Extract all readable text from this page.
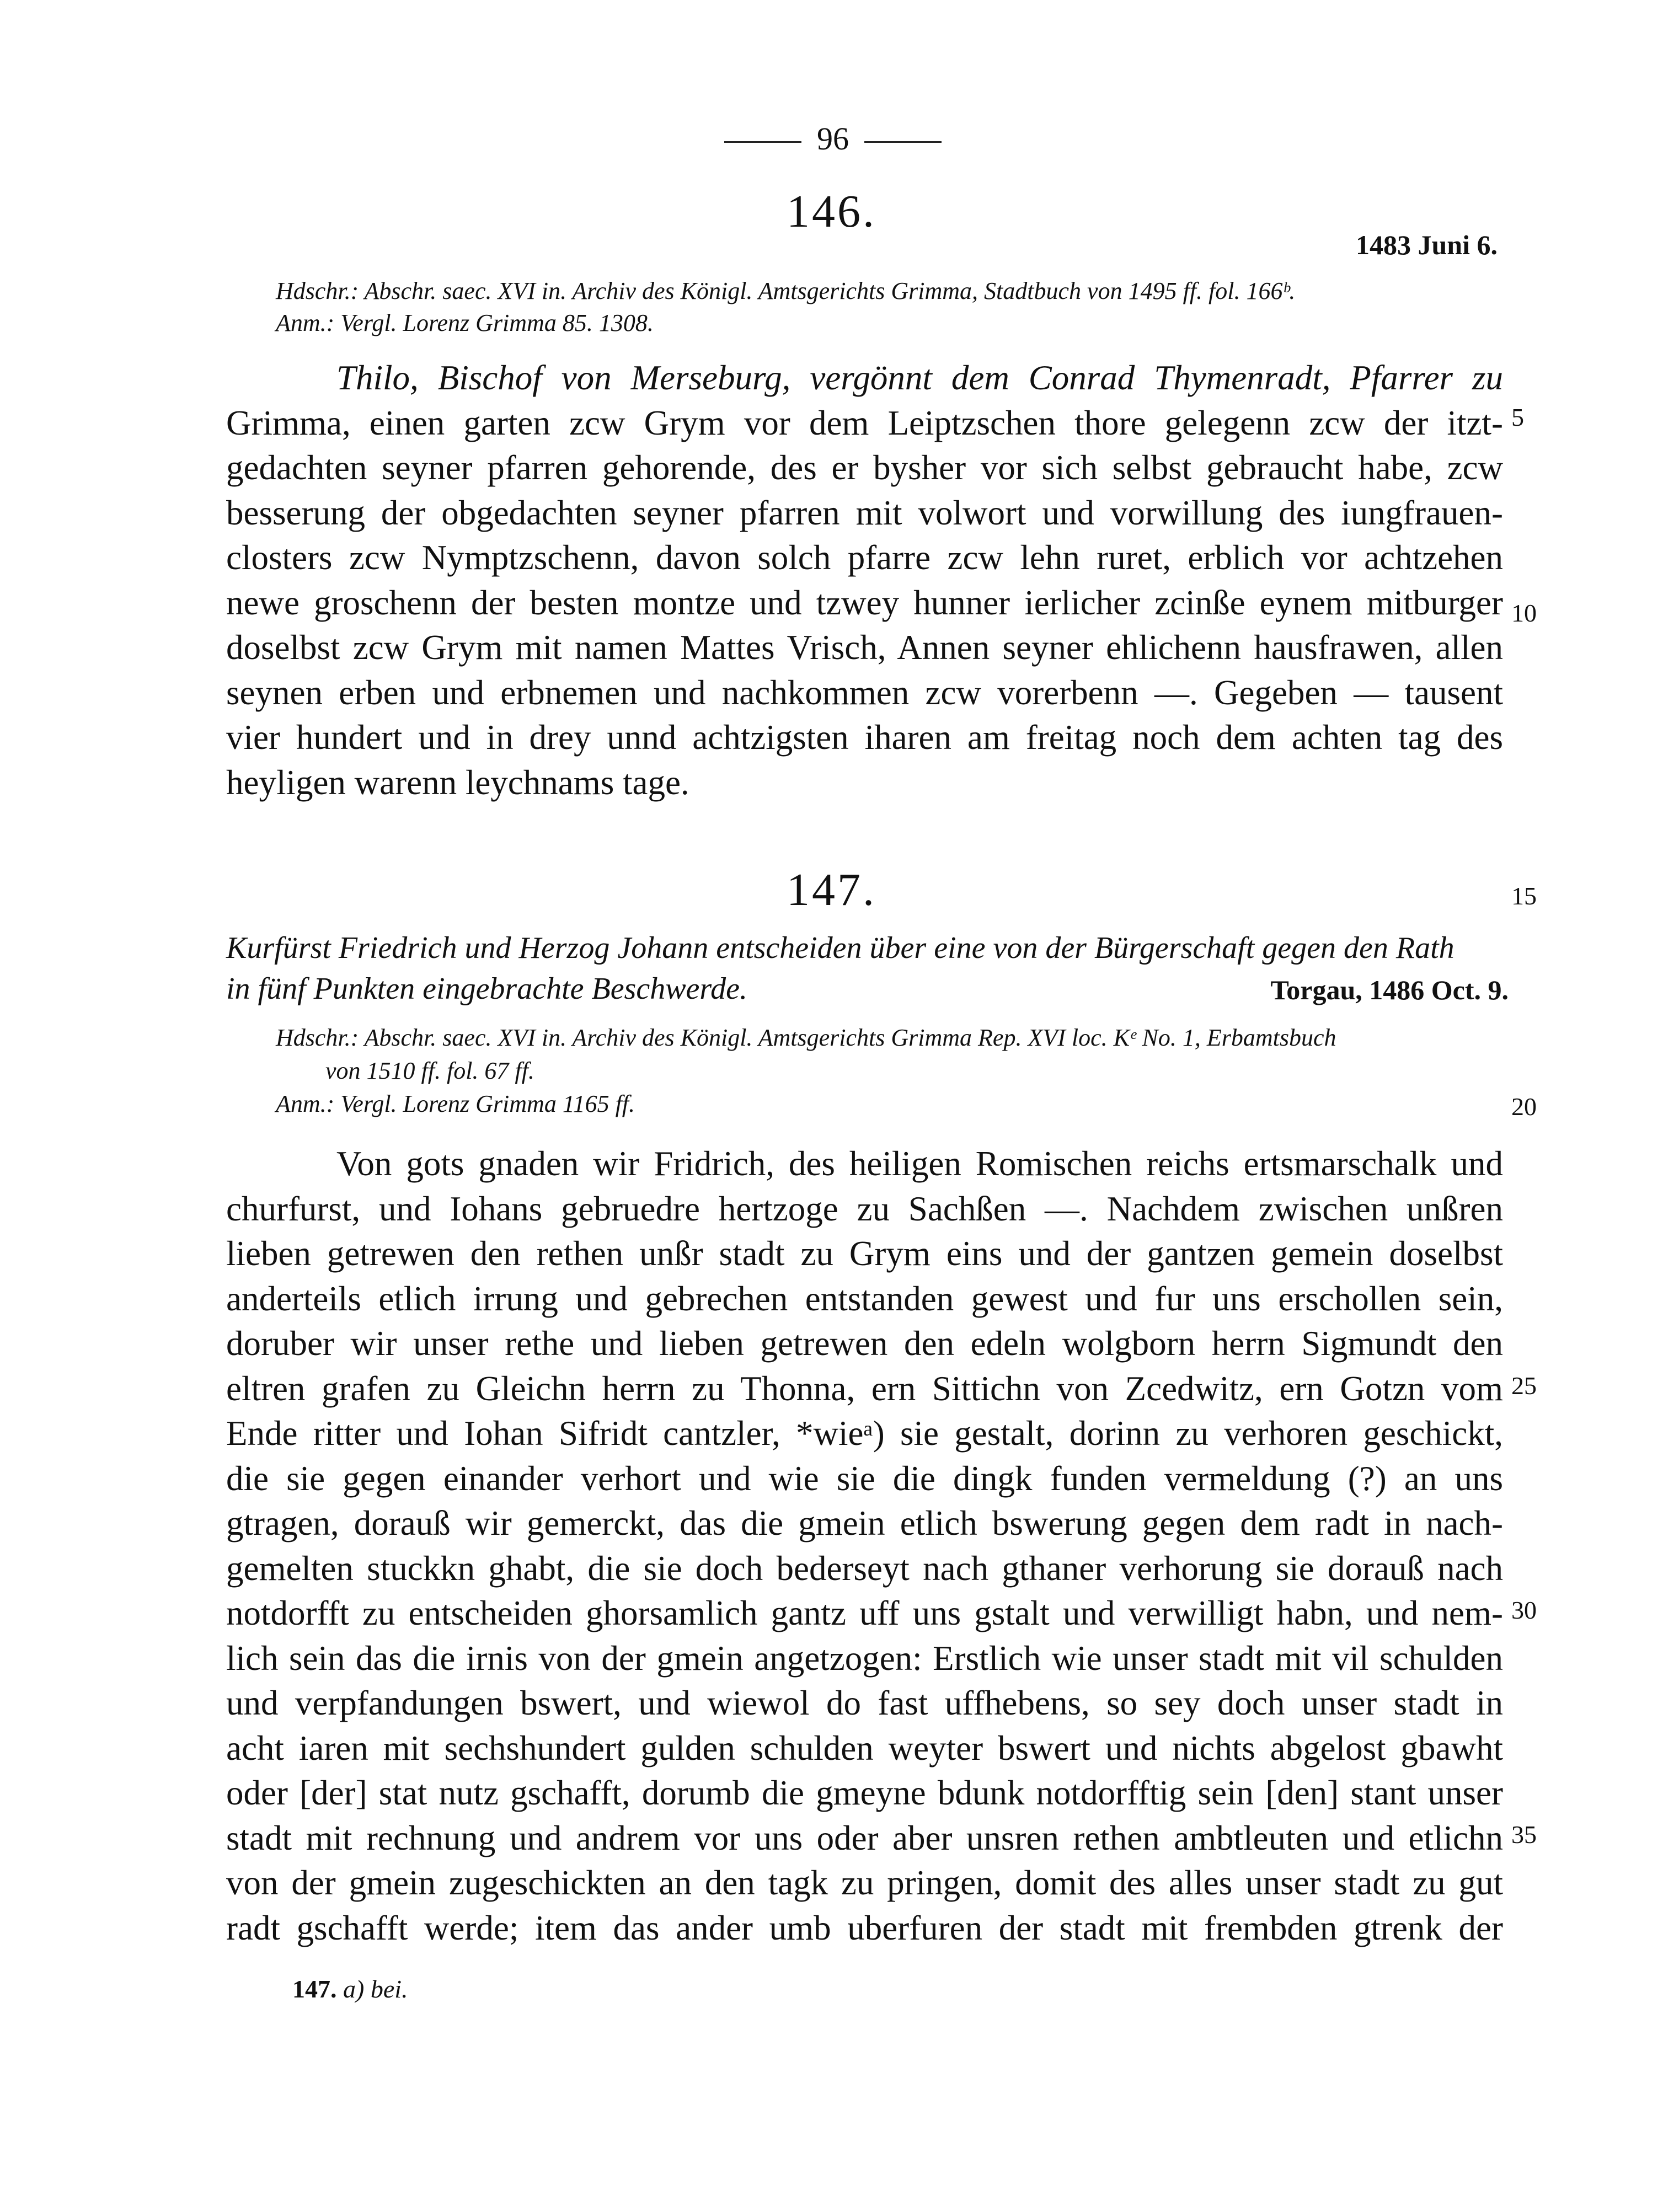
96
146.
1483 Juni 6.
Hdschr.: Abschr. saec. XVI in. Archiv des Königl. Amtsgerichts Grimma, Stadtbuch von 1495 ff. fol. 166ᵇ.
Anm.: Vergl. Lorenz Grimma 85. 1308.
Thilo, Bischof von Merseburg, vergönnt dem Conrad Thymenradt, Pfarrer zu
Grimma, einen garten zcw Grym vor dem Leiptzschen thore gelegenn zcw der itzt-
gedachten seyner pfarren gehorende, des er bysher vor sich selbst gebraucht habe, zcw
besserung der obgedachten seyner pfarren mit volwort und vorwillung des iungfrauen-
closters zcw Nymptzschenn, davon solch pfarre zcw lehn ruret, erblich vor achtzehen
newe groschenn der besten montze und tzwey hunner ierlicher zcinße eynem mitburger
doselbst zcw Grym mit namen Mattes Vrisch, Annen seyner ehlichenn hausfrawen, allen
seynen erben und erbnemen und nachkommen zcw vorerbenn —. Gegeben — tausent
vier hundert und in drey unnd achtzigsten iharen am freitag noch dem achten tag des
heyligen warenn leychnams tage.
147.
Kurfürst Friedrich und Herzog Johann entscheiden über eine von der Bürgerschaft gegen den Rath
in fünf Punkten eingebrachte Beschwerde.	Torgau, 1486 Oct. 9.
Hdschr.: Abschr. saec. XVI in. Archiv des Königl. Amtsgerichts Grimma Rep. XVI loc. Kᵉ No. 1, Erbamtsbuch
von 1510 ff. fol. 67 ff.
Anm.: Vergl. Lorenz Grimma 1165 ff.
Von gots gnaden wir Fridrich, des heiligen Romischen reichs ertsmarschalk und
churfurst, und Iohans gebruedre hertzoge zu Sachßen —. Nachdem zwischen unßren
lieben getrewen den rethen unßr stadt zu Grym eins und der gantzen gemein doselbst
anderteils etlich irrung und gebrechen entstanden gewest und fur uns erschollen sein,
doruber wir unser rethe und lieben getrewen den edeln wolgborn herrn Sigmundt den
eltren grafen zu Gleichn herrn zu Thonna, ern Sittichn von Zcedwitz, ern Gotzn vom
Ende ritter und Iohan Sifridt cantzler, *wieᵃ) sie gestalt, dorinn zu verhoren geschickt,
die sie gegen einander verhort und wie sie die dingk funden vermeldung (?) an uns
gtragen, dorauß wir gemerckt, das die gmein etlich bswerung gegen dem radt in nach-
gemelten stuckkn ghabt, die sie doch bederseyt nach gthaner verhorung sie dorauß nach
notdorfft zu entscheiden ghorsamlich gantz uff uns gstalt und verwilligt habn, und nem-
lich sein das die irnis von der gmein angetzogen: Erstlich wie unser stadt mit vil schulden
und verpfandungen bswert, und wiewol do fast uffhebens, so sey doch unser stadt in
acht iaren mit sechshundert gulden schulden weyter bswert und nichts abgelost gbawht
oder [der] stat nutz gschafft, dorumb die gmeyne bdunk notdorfftig sein [den] stant unser
stadt mit rechnung und andrem vor uns oder aber unsren rethen ambtleuten und etlichn
von der gmein zugeschickten an den tagk zu pringen, domit des alles unser stadt zu gut
radt gschafft werde; item das ander umb uberfuren der stadt mit frembden gtrenk der
5
10
15
20
25
30
35
147. a) bei.
